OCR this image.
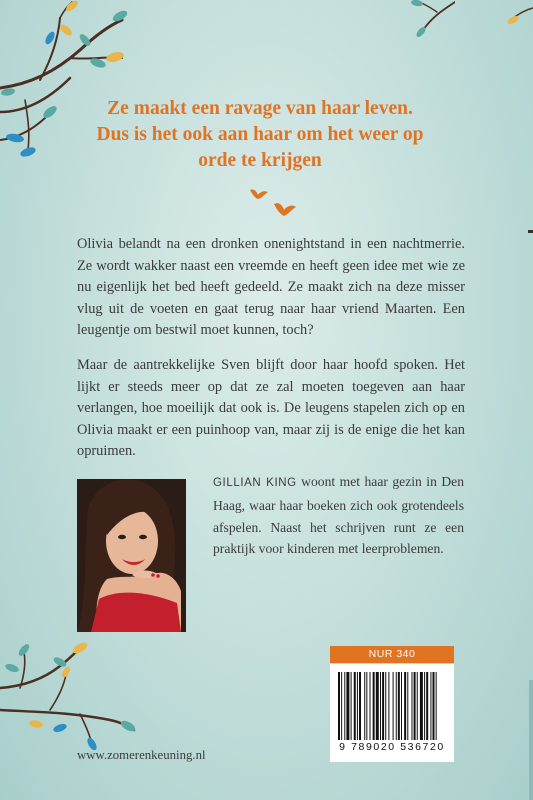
Ze maakt een ravage van haar leven.
Dus is het ook aan haar om het weer op
orde te krijgen

Olivia belandt na een dronken onenightstand in een nachtmerrie. Ze wordt wakker naast een vreemde en heeft geen idee met wie ze nu eigenlijk het bed heeft gedeeld. Ze maakt zich na deze misser vlug uit de voeten en gaat terug naar haar vriend Maarten. Een leugentje om bestwil moet kunnen, toch?

Maar de aantrekkelijke Sven blijft door haar hoofd spoken. Het lijkt er steeds meer op dat ze zal moeten toegeven aan haar verlangen, hoe moeilijk dat ook is. De leugens stapelen zich op en Olivia maakt er een puinhoop van, maar zij is de enige die het kan opruimen.

GILLIAN KING woont met haar gezin in Den Haag, waar haar boeken zich ook grotendeels afspelen. Naast het schrijven runt ze een praktijk voor kinderen met leerproblemen.
www.zomerenkeuning.nl
NUR 340
9 789020 536720
